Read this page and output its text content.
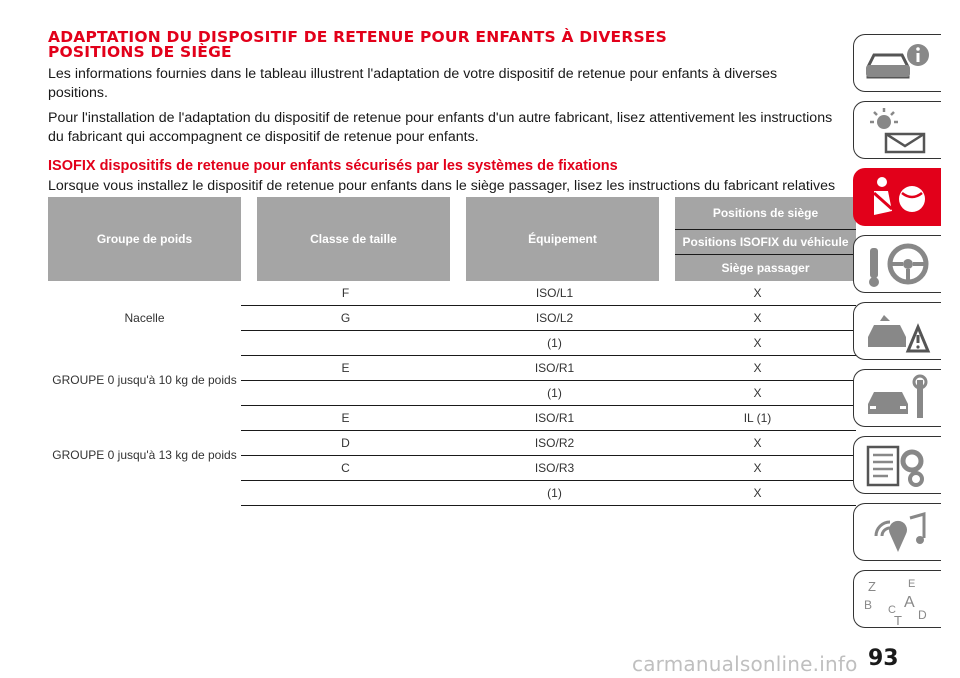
ADAPTATION DU DISPOSITIF DE RETENUE POUR ENFANTS À DIVERSES
POSITIONS DE SIÈGE

Les informations fournies dans le tableau illustrent l'adaptation de votre dispositif de retenue pour enfants à diverses positions.

Pour l'installation de l'adaptation du dispositif de retenue pour enfants d'un autre fabricant, lisez attentivement les instructions du fabricant qui accompagnent ce dispositif de retenue pour enfants.

ISOFIX dispositifs de retenue pour enfants sécurisés par les systèmes de fixations

Lorsque vous installez le dispositif de retenue pour enfants dans le siège passager, lisez les instructions du fabricant relatives

Groupe de poids		Classe de taille		Équipement		Positions de siège
						Positions ISOFIX du véhicule
						Siège passager
Nacelle	F		ISO/L1		X	
	G		ISO/L2		X	
			(1)		X	
GROUPE 0 jusqu'à 10 kg de poids	E		ISO/R1		X	
			(1)		X	
GROUPE 0 jusqu'à 13 kg de poids	E		ISO/R1		IL (1)	
	D		ISO/R2		X	
	C		ISO/R3		X	
			(1)		X	
Z	E
B A
C D
T
carmanualsonline.info 93
